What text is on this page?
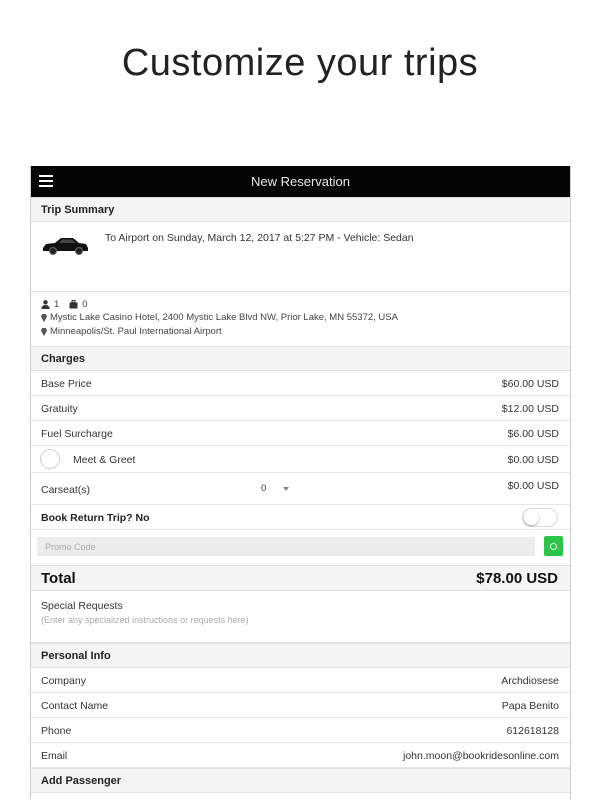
Customize your trips
New Reservation
Trip Summary
To Airport on Sunday, March 12, 2017 at 5:27 PM - Vehicle: Sedan
1 0
Mystic Lake Casino Hotel, 2400 Mystic Lake Blvd NW, Prior Lake, MN 55372, USA
Minneapolis/St. Paul International Airport
Charges
Base Price	$60.00 USD
Gratuity	$12.00 USD
Fuel Surcharge	$6.00 USD
Meet & Greet	$0.00 USD
Carseat(s)	0	$0.00 USD
Book Return Trip? No
Promo Code
Total	$78.00 USD
Special Requests
(Enter any specialized instructions or requests here)
Personal Info
Company	Archdiosese
Contact Name	Papa Benito
Phone	612618128
Email	john.moon@bookridesonline.com
Add Passenger
